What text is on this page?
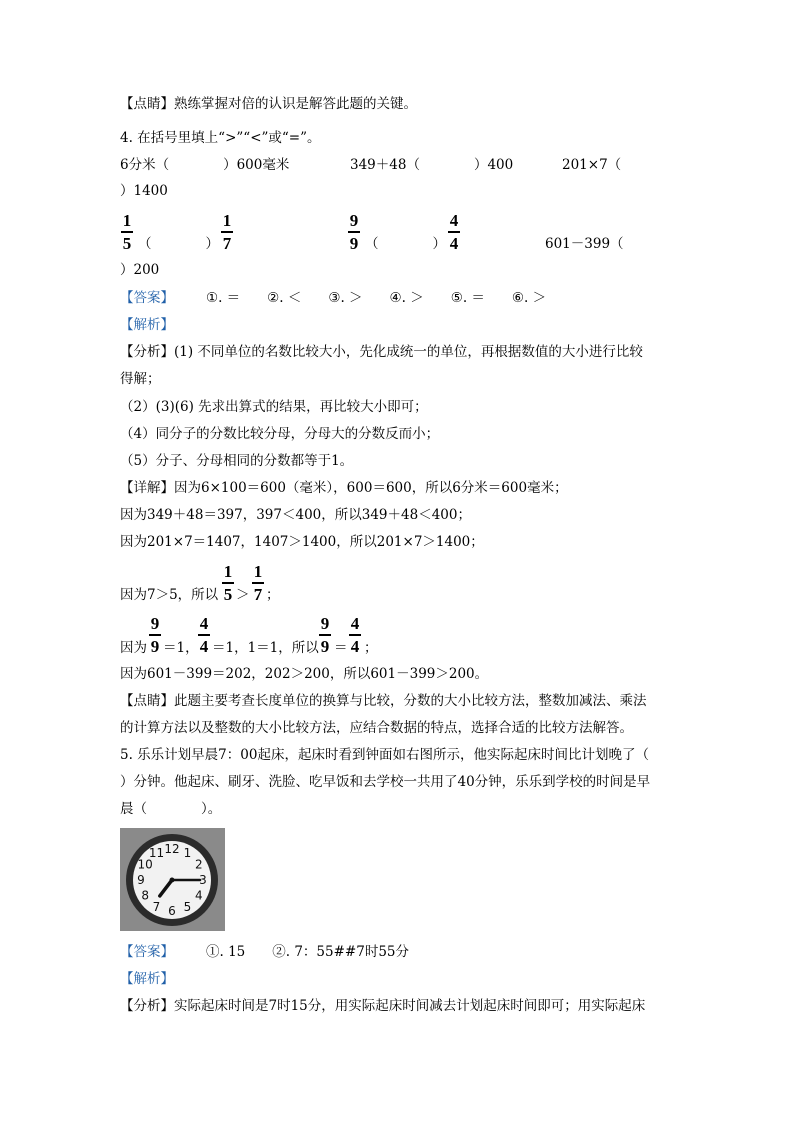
【点睛】熟练掌握对倍的认识是解答此题的关键。
4. 在括号里填上“>”“<”或“=”。
6分米（　　　　）600毫米	349＋48（　　　　）400	201×7（
）1400
1
5 （　　　　）
1
7
9
9 （　　　　）
4
4	601－399（
）200
【答案】 ①. ＝　　②. ＜　　③. ＞　　④. ＞　　⑤. ＝　　⑥. ＞
【解析】
【分析】(1) 不同单位的名数比较大小，先化成统一的单位，再根据数值的大小进行比较
得解；
（2）(3)(6) 先求出算式的结果，再比较大小即可；
（4）同分子的分数比较分母，分母大的分数反而小；
（5）分子、分母相同的分数都等于1。
【详解】因为6×100＝600（毫米），600＝600，所以6分米＝600毫米；
因为349＋48＝397，397＜400，所以349＋48＜400；
因为201×7＝1407，1407＞1400，所以201×7＞1400；
因为7＞5，所以
1
5 ＞
1
7 ；
因为
9
9 ＝1，
4
4 ＝1，1＝1，所以
9
9 ＝
4
4 ；
因为601－399＝202，202＞200，所以601－399＞200。
【点睛】此题主要考查长度单位的换算与比较，分数的大小比较方法，整数加减法、乘法
的计算方法以及整数的大小比较方法，应结合数据的特点，选择合适的比较方法解答。
5. 乐乐计划早晨7：00起床，起床时看到钟面如右图所示，他实际起床时间比计划晚了（
）分钟。他起床、刷牙、洗脸、吃早饭和去学校一共用了40分钟，乐乐到学校的时间是早
晨（　　　　）。
12 1
2
3
4
5
6
7
8
9
10
11
【答案】 ①. 15　　②. 7：55##7时55分
【解析】
【分析】实际起床时间是7时15分，用实际起床时间减去计划起床时间即可；用实际起床
